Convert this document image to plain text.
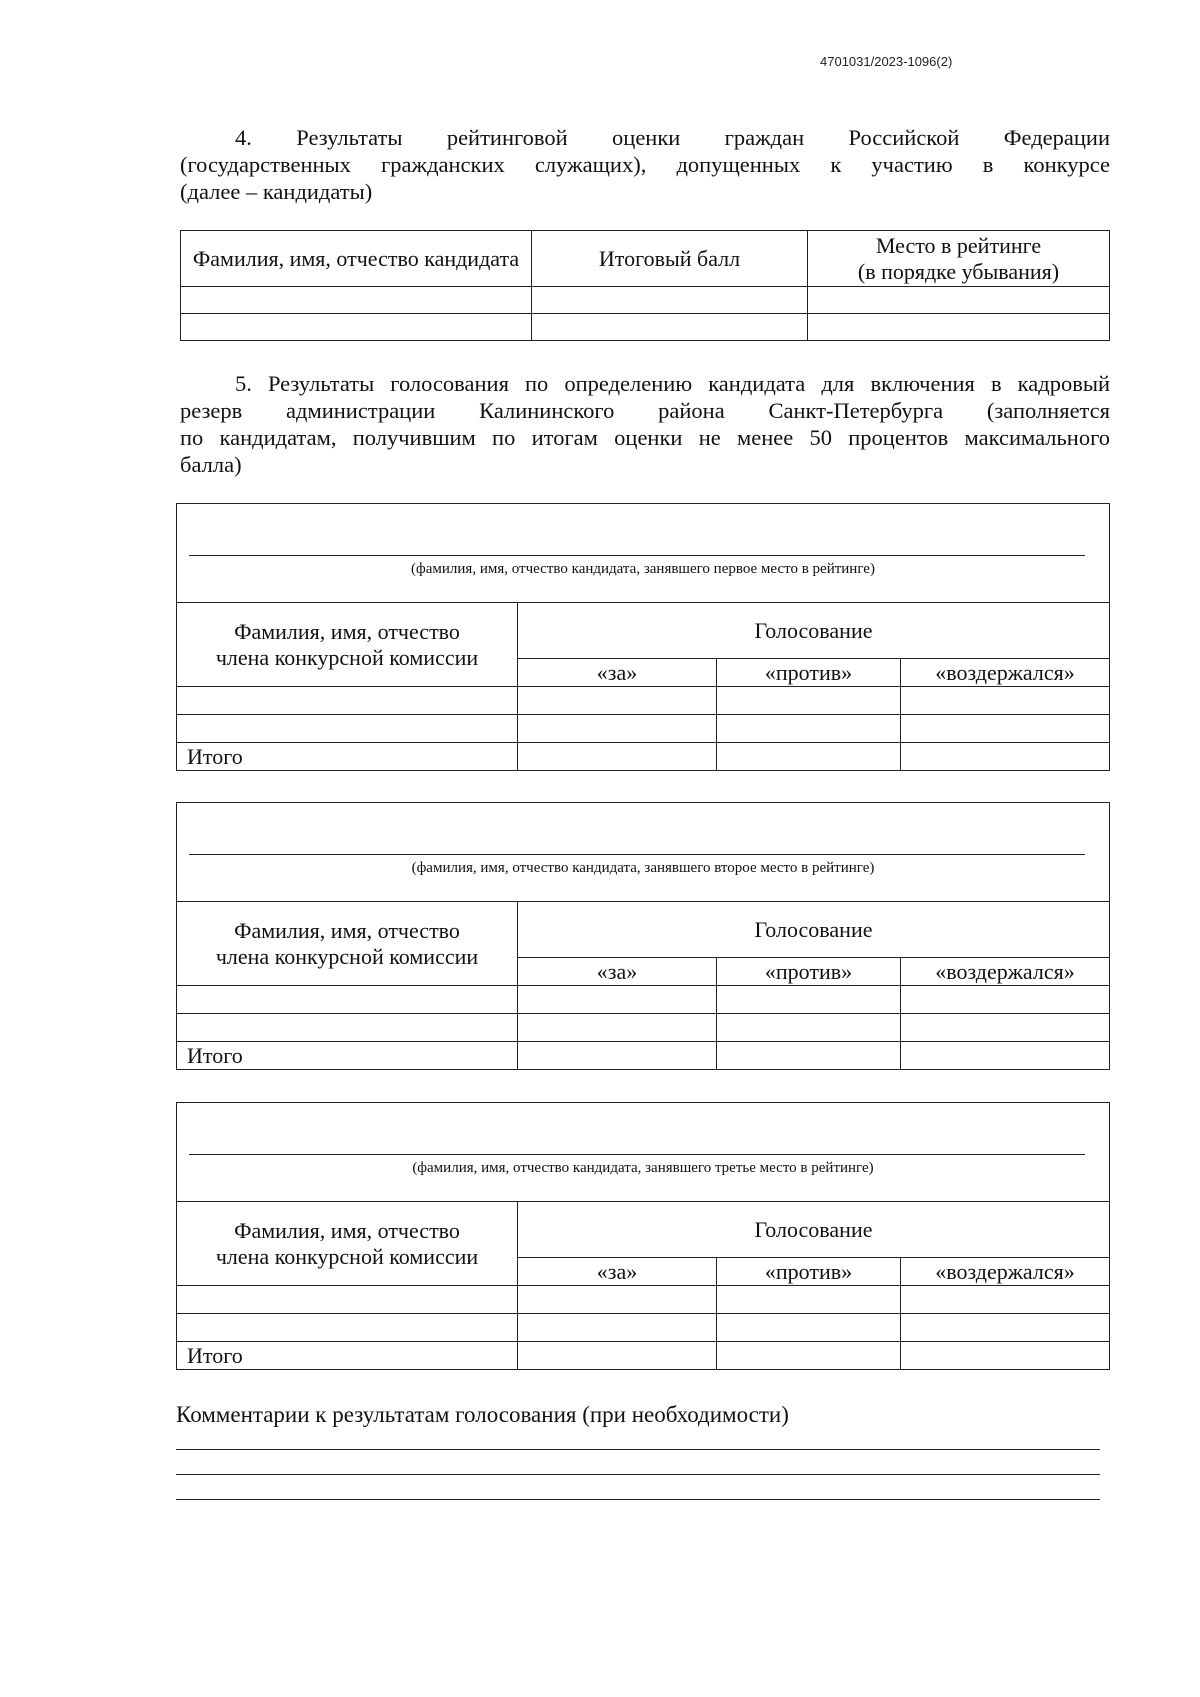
4701031/2023-1096(2)
4. Результаты рейтинговой оценки граждан Российской Федерации
(государственных гражданских служащих), допущенных к участию в конкурсе
(далее – кандидаты)
Фамилия, имя, отчество кандидата	Итоговый балл	Место в рейтинге
(в порядке убывания)

5. Результаты голосования по определению кандидата для включения в кадровый
резерв администрации Калининского района Санкт-Петербурга (заполняется
по кандидатам, получившим по итогам оценки не менее 50 процентов максимального
балла)
(фамилия, имя, отчество кандидата, занявшего первое место в рейтинге)			

Фамилия, имя, отчество
члена конкурсной комиссии	Голосование		
	«за»	«против»	«воздержался»

Итого			
(фамилия, имя, отчество кандидата, занявшего второе место в рейтинге)			

Фамилия, имя, отчество
члена конкурсной комиссии	Голосование		
	«за»	«против»	«воздержался»

Итого			
(фамилия, имя, отчество кандидата, занявшего третье место в рейтинге)			

Фамилия, имя, отчество
члена конкурсной комиссии	Голосование		
	«за»	«против»	«воздержался»

Итого			
Комментарии к результатам голосования (при необходимости)
